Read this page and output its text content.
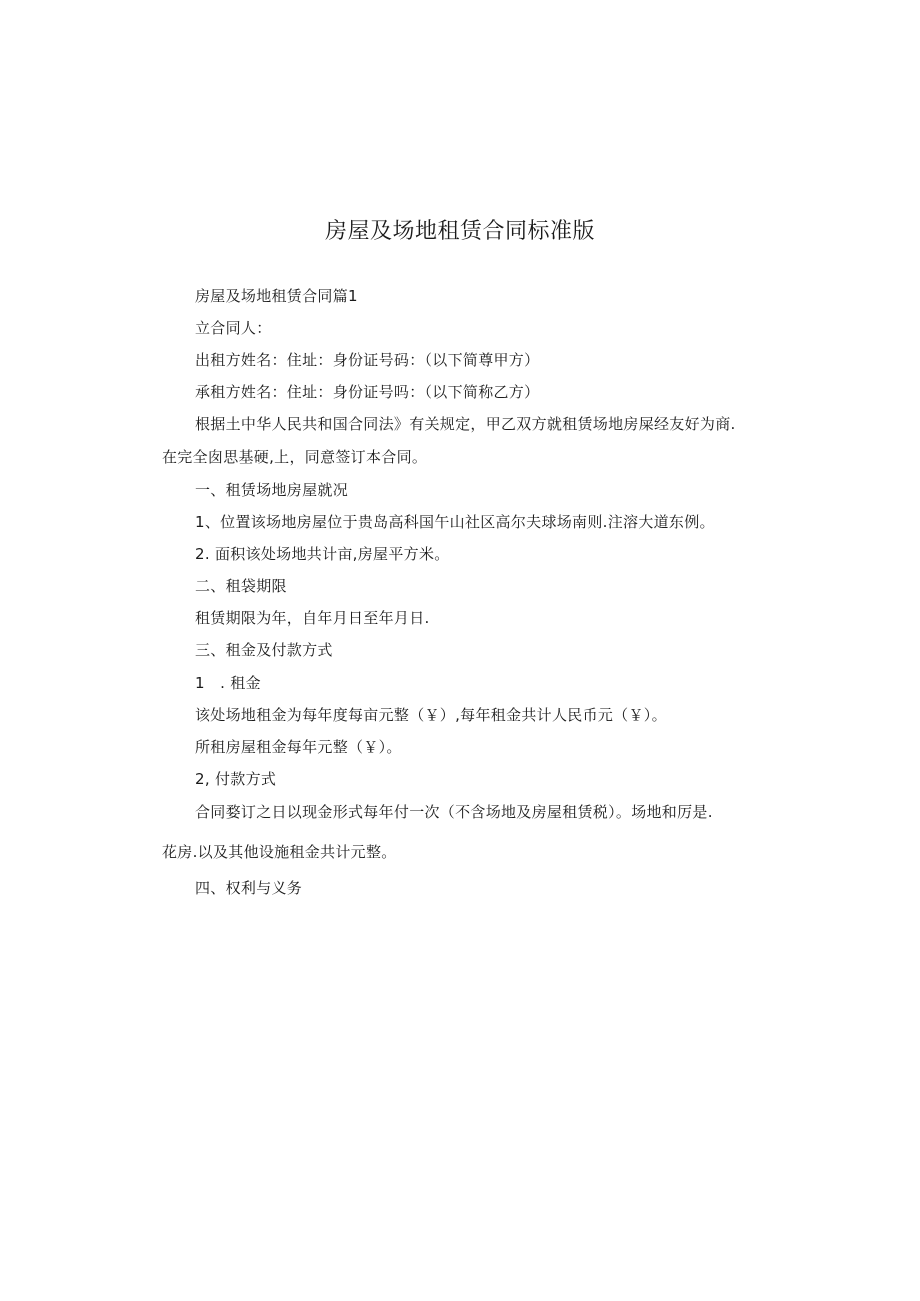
房屋及场地租赁合同标准版
房屋及场地租赁合同篇1
立合同人：
出租方姓名：住址：身份证号码：（以下简尊甲方）
承租方姓名：住址：身份证号吗：（以下简称乙方）
根据土中华人民共和国合同法》有关规定，甲乙双方就租赁场地房屎经友好为商.
在完全囱思基硬,上，同意签订本合同。
一、租赁场地房屋就况
1、位置该场地房屋位于贵岛高科国午山社区高尔夫球场南则.注溶大道东例。
2. 面积该处场地共计亩,房屋平方米。
二、租袋期限
租赁期限为年，自年月日至年月日.
三、租金及付款方式
1　. 租金
该处场地租金为每年度每亩元整（￥）,每年租金共计人民币元（￥）。
所租房屋租金每年元整（￥）。
2, 付款方式
合同婺订之日以现金形式每年付一次（不含场地及房屋租赁税）。场地和厉是.
花房.以及其他设施租金共计元整。
四、权利与义务
